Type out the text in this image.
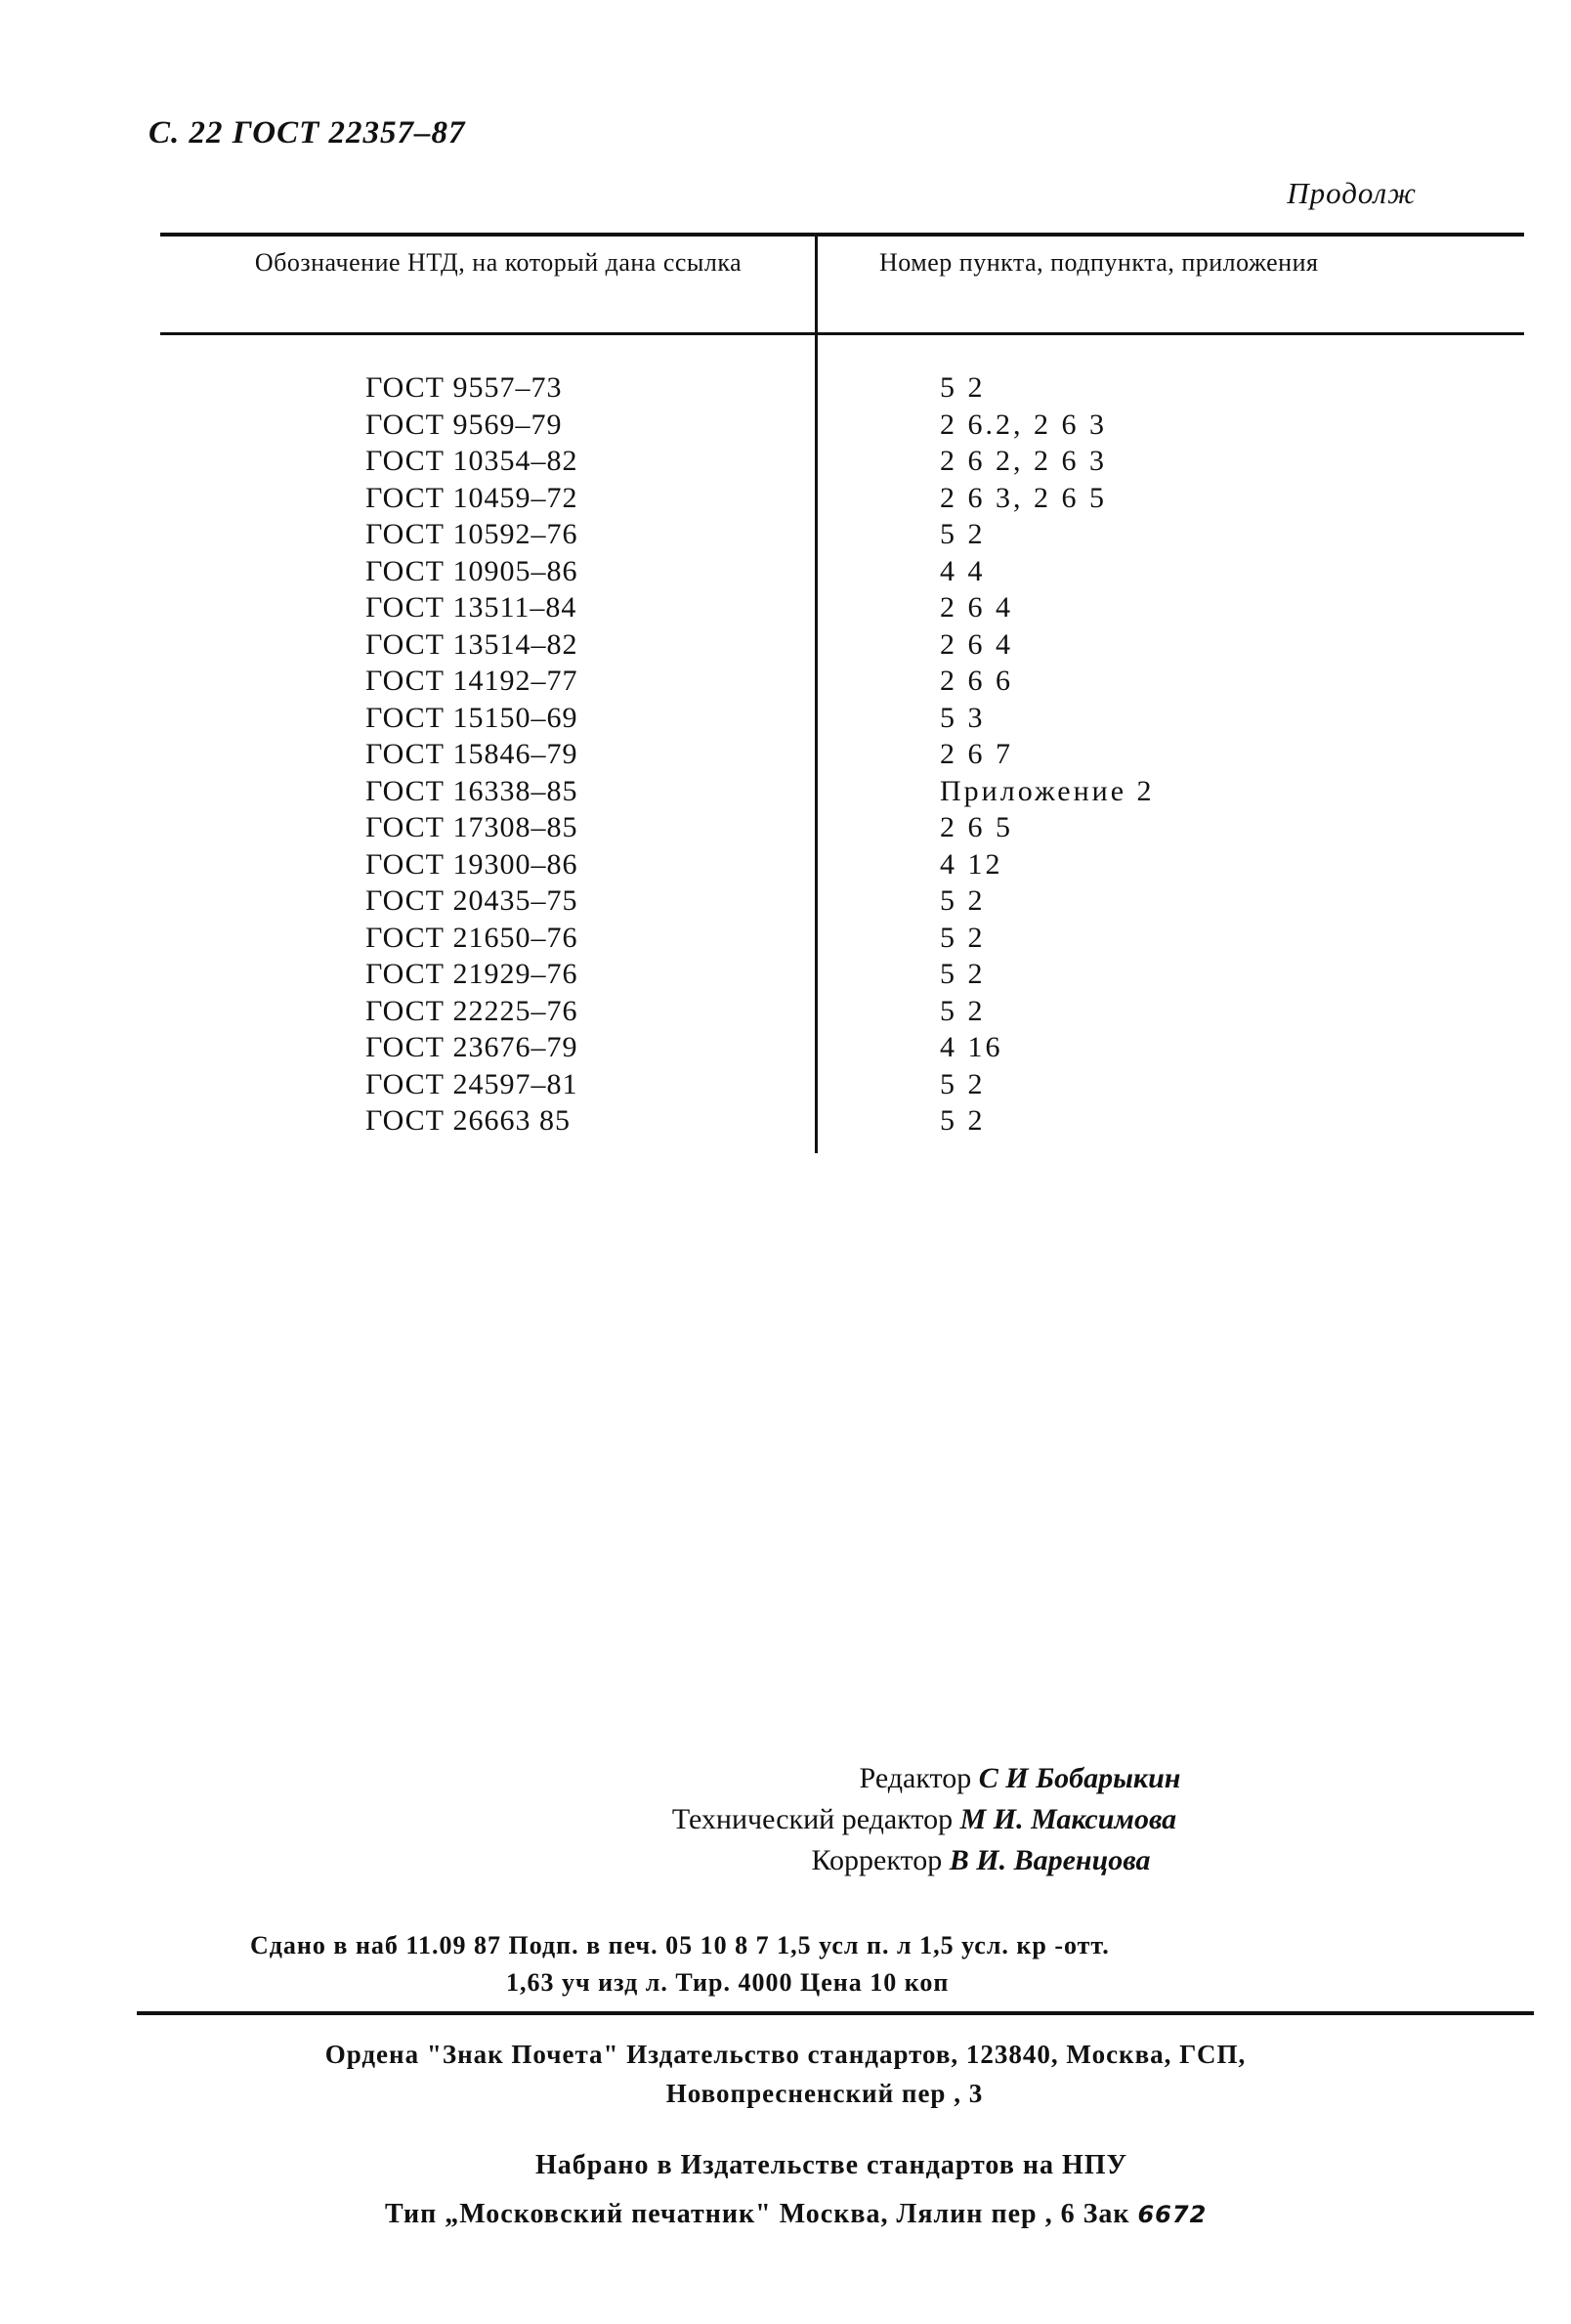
С. 22 ГОСТ 22357–87
Продолж
Обозначение НТД, на который дана ссылка	Номер пункта, подпункта, приложения
ГОСТ 9557–73	5 2
ГОСТ 9569–79	2 6.2, 2 6 3
ГОСТ 10354–82	2 6 2, 2 6 3
ГОСТ 10459–72	2 6 3, 2 6 5
ГОСТ 10592–76	5 2
ГОСТ 10905–86	4 4
ГОСТ 13511–84	2 6 4
ГОСТ 13514–82	2 6 4
ГОСТ 14192–77	2 6 6
ГОСТ 15150–69	5 3
ГОСТ 15846–79	2 6 7
ГОСТ 16338–85	Приложение 2
ГОСТ 17308–85	2 6 5
ГОСТ 19300–86	4 12
ГОСТ 20435–75	5 2
ГОСТ 21650–76	5 2
ГОСТ 21929–76	5 2
ГОСТ 22225–76	5 2
ГОСТ 23676–79	4 16
ГОСТ 24597–81	5 2
ГОСТ 26663 85	5 2
Редактор С И Бобарыкин
Технический редактор М И. Максимова
Корректор В И. Варенцова
Сдано в наб 11.09 87 Подп. в печ. 05 10 8 7 1,5 усл п. л 1,5 усл. кр -отт.
1,63 уч изд л. Тир. 4000 Цена 10 коп
Ордена "Знак Почета" Издательство стандартов, 123840, Москва, ГСП,
Новопресненский пер , 3
Набрано в Издательстве стандартов на НПУ
Тип „Московский печатник" Москва, Лялин пер , 6 Зак 6672
